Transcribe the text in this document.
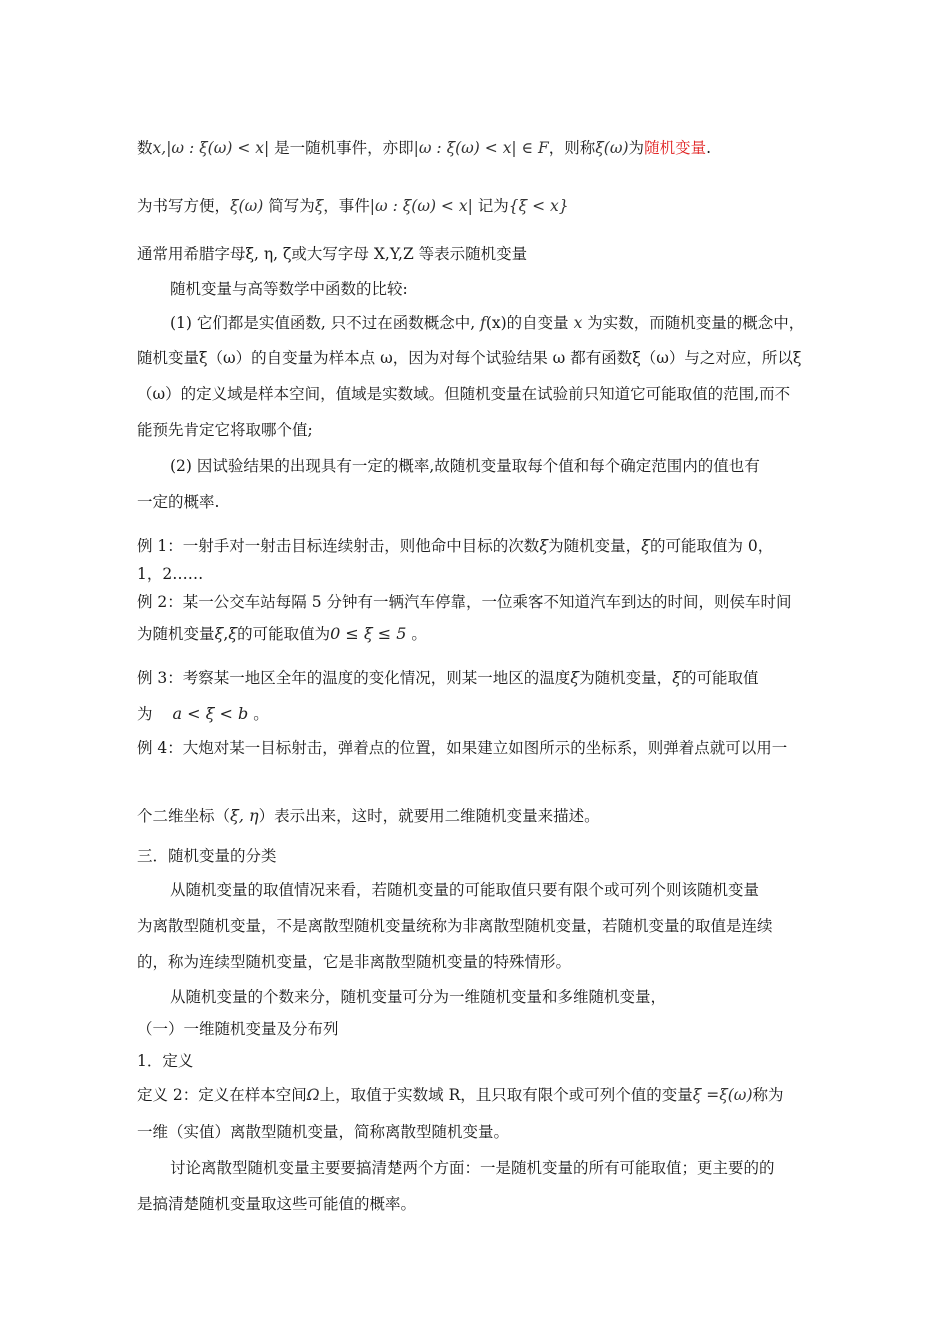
数x,|ω : ξ(ω) < x| 是一随机事件，亦即|ω : ξ(ω) < x| ∈ F，则称ξ(ω)为随机变量.
为书写方便，ξ(ω) 简写为ξ，事件|ω : ξ(ω) < x| 记为{ξ < x}
通常用希腊字母ξ, η, ζ或大写字母 X,Y,Z 等表示随机变量
随机变量与高等数学中函数的比较:
(1) 它们都是实值函数, 只不过在函数概念中, f(x)的自变量 x 为实数，而随机变量的概念中，
随机变量ξ（ω）的自变量为样本点 ω，因为对每个试验结果 ω 都有函数ξ（ω）与之对应，所以ξ
（ω）的定义域是样本空间，值域是实数域。但随机变量在试验前只知道它可能取值的范围,而不
能预先肯定它将取哪个值;
(2) 因试验结果的出现具有一定的概率,故随机变量取每个值和每个确定范围内的值也有
一定的概率.
例 1：一射手对一射击目标连续射击，则他命中目标的次数ξ为随机变量，ξ的可能取值为 0，
1，2……
例 2：某一公交车站每隔 5 分钟有一辆汽车停靠，一位乘客不知道汽车到达的时间，则侯车时间
为随机变量ξ,ξ的可能取值为0 ≤ ξ ≤ 5 。
例 3：考察某一地区全年的温度的变化情况，则某一地区的温度ξ为随机变量，ξ的可能取值
为 a < ξ < b 。
例 4：大炮对某一目标射击，弹着点的位置，如果建立如图所示的坐标系，则弹着点就可以用一
个二维坐标（ξ, η）表示出来，这时，就要用二维随机变量来描述。
三．随机变量的分类
从随机变量的取值情况来看，若随机变量的可能取值只要有限个或可列个则该随机变量
为离散型随机变量，不是离散型随机变量统称为非离散型随机变量，若随机变量的取值是连续
的，称为连续型随机变量，它是非离散型随机变量的特殊情形。
从随机变量的个数来分，随机变量可分为一维随机变量和多维随机变量，
（一）一维随机变量及分布列
1．定义
定义 2：定义在样本空间Ω上，取值于实数域 R，且只取有限个或可列个值的变量ξ =ξ(ω)称为
一维（实值）离散型随机变量，简称离散型随机变量。
讨论离散型随机变量主要要搞清楚两个方面：一是随机变量的所有可能取值；更主要的的
是搞清楚随机变量取这些可能值的概率。
